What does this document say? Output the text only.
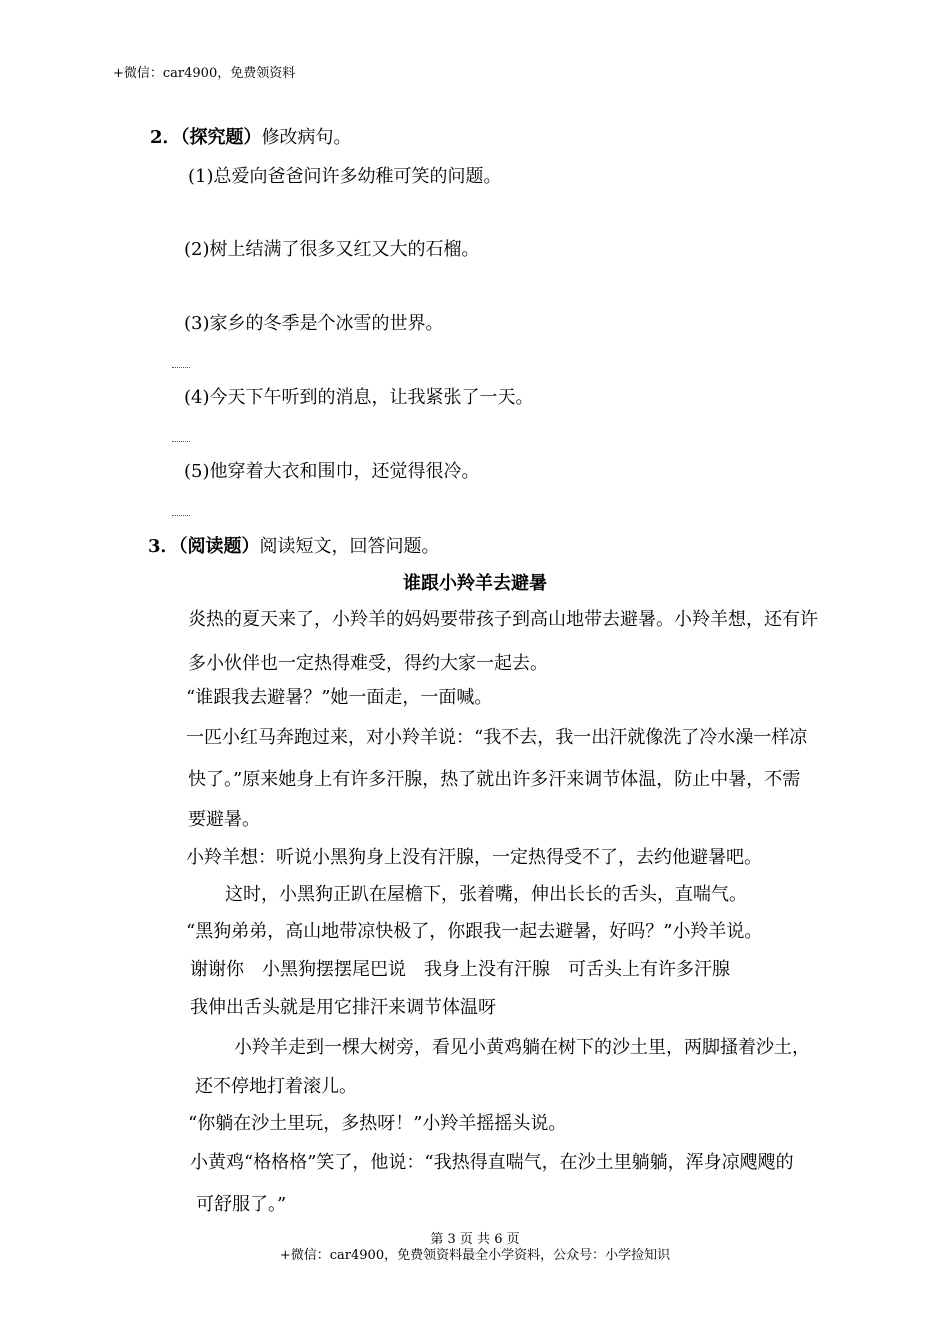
+微信：car4900，免费领资料
2．（探究题）修改病句。
(1)总爱向爸爸问许多幼稚可笑的问题。
(2)树上结满了很多又红又大的石榴。
(3)家乡的冬季是个冰雪的世界。
(4)今天下午听到的消息，让我紧张了一天。
(5)他穿着大衣和围巾，还觉得很冷。
3．（阅读题）阅读短文，回答问题。
谁跟小羚羊去避暑
炎热的夏天来了，小羚羊的妈妈要带孩子到高山地带去避暑。小羚羊想，还有许
多小伙伴也一定热得难受，得约大家一起去。
“谁跟我去避暑？”她一面走，一面喊。
一匹小红马奔跑过来，对小羚羊说：“我不去，我一出汗就像洗了冷水澡一样凉
快了。”原来她身上有许多汗腺，热了就出许多汗来调节体温，防止中暑，不需
要避暑。
小羚羊想：听说小黑狗身上没有汗腺，一定热得受不了，去约他避暑吧。
这时，小黑狗正趴在屋檐下，张着嘴，伸出长长的舌头，直喘气。
“黑狗弟弟，高山地带凉快极了，你跟我一起去避暑，好吗？”小羚羊说。
谢谢你　小黑狗摆摆尾巴说　我身上没有汗腺　可舌头上有许多汗腺
我伸出舌头就是用它排汗来调节体温呀
小羚羊走到一棵大树旁，看见小黄鸡躺在树下的沙土里，两脚搔着沙土，
还不停地打着滚儿。
“你躺在沙土里玩，多热呀！”小羚羊摇摇头说。
小黄鸡“格格格”笑了，他说：“我热得直喘气，在沙土里躺躺，浑身凉飕飕的
可舒服了。”
第 3 页 共 6 页
+微信：car4900，免费领资料最全小学资料，公众号：小学捡知识
